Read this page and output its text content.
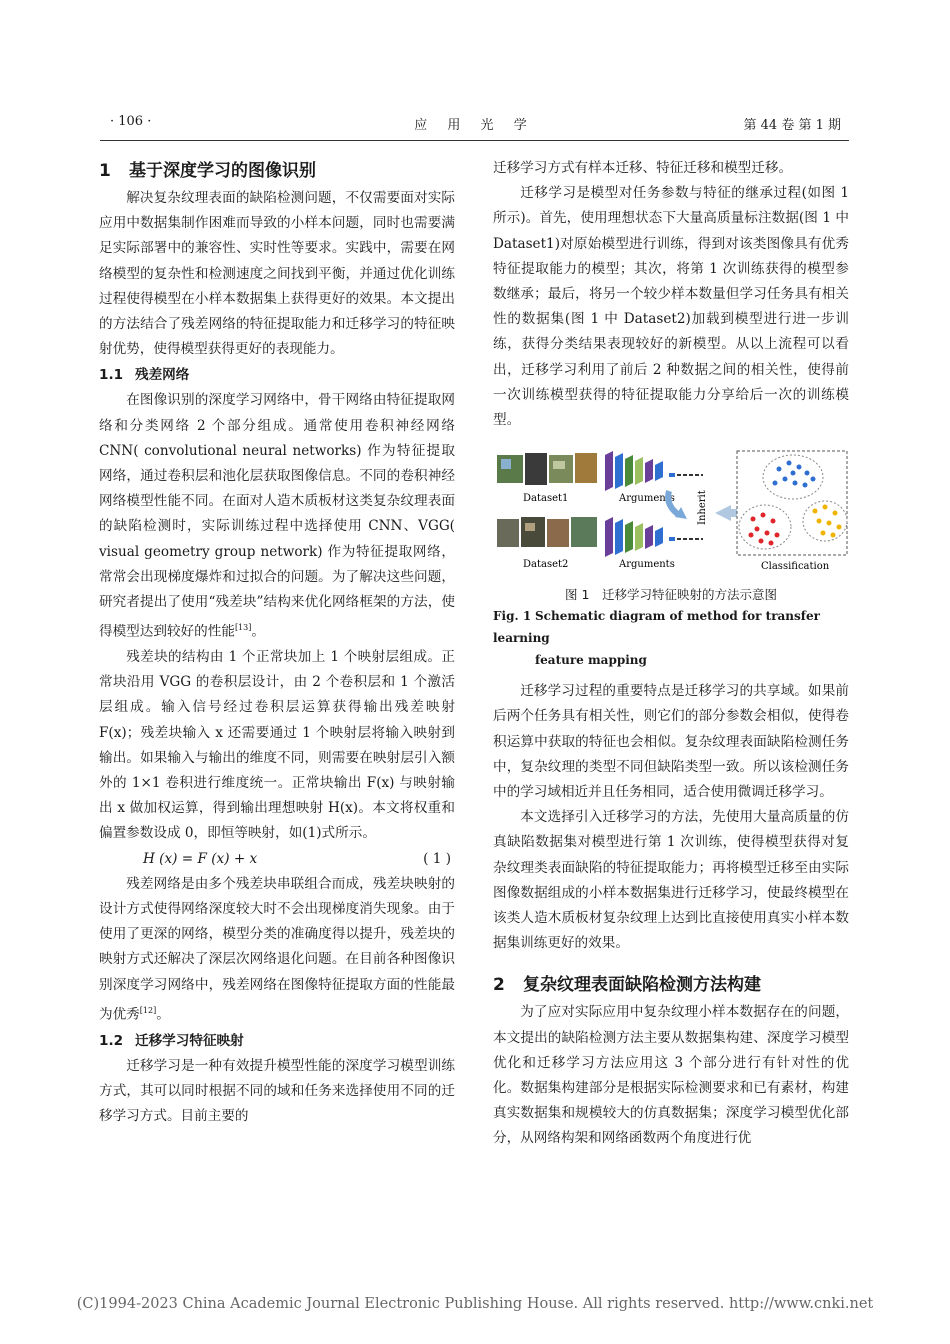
· 106 ·	应 用 光 学	第 44 卷 第 1 期
1 基于深度学习的图像识别

解决复杂纹理表面的缺陷检测问题，不仅需要面对实际应用中数据集制作困难而导致的小样本问题，同时也需要满足实际部署中的兼容性、实时性等要求。实践中，需要在网络模型的复杂性和检测速度之间找到平衡，并通过优化训练过程使得模型在小样本数据集上获得更好的效果。本文提出的方法结合了残差网络的特征提取能力和迁移学习的特征映射优势，使得模型获得更好的表现能力。

1.1 残差网络

在图像识别的深度学习网络中，骨干网络由特征提取网络和分类网络 2 个部分组成。通常使用卷积神经网络 CNN( convolutional neural networks) 作为特征提取网络，通过卷积层和池化层获取图像信息。不同的卷积神经网络模型性能不同。在面对人造木质板材这类复杂纹理表面的缺陷检测时，实际训练过程中选择使用 CNN、VGG( visual geometry group network) 作为特征提取网络，常常会出现梯度爆炸和过拟合的问题。为了解决这些问题，研究者提出了使用“残差块”结构来优化网络框架的方法，使得模型达到较好的性能[13]。

残差块的结构由 1 个正常块加上 1 个映射层组成。正常块沿用 VGG 的卷积层设计，由 2 个卷积层和 1 个激活层组成。输入信号经过卷积层运算获得输出残差映射 F(x)；残差块输入 x 还需要通过 1 个映射层将输入映射到输出。如果输入与输出的维度不同，则需要在映射层引入额外的 1×1 卷积进行维度统一。正常块输出 F(x) 与映射输出 x 做加权运算，得到输出理想映射 H(x)。本文将权重和偏置参数设成 0，即恒等映射，如(1)式所示。

H (x) = F (x) + x	( 1 )

残差网络是由多个残差块串联组合而成，残差块映射的设计方式使得网络深度较大时不会出现梯度消失现象。由于使用了更深的网络，模型分类的准确度得以提升，残差块的映射方式还解决了深层次网络退化问题。在目前各种图像识别深度学习网络中，残差网络在图像特征提取方面的性能最为优秀[12]。

1.2 迁移学习特征映射

迁移学习是一种有效提升模型性能的深度学习模型训练方式，其可以同时根据不同的域和任务来选择使用不同的迁移学习方式。目前主要的

迁移学习方式有样本迁移、特征迁移和模型迁移。

迁移学习是模型对任务参数与特征的继承过程(如图 1 所示)。首先，使用理想状态下大量高质量标注数据(图 1 中 Dataset1)对原始模型进行训练，得到对该类图像具有优秀特征提取能力的模型；其次，将第 1 次训练获得的模型参数继承；最后，将另一个较少样本数量但学习任务具有相关性的数据集(图 1 中 Dataset2)加载到模型进行进一步训练，获得分类结果表现较好的新模型。从以上流程可以看出，迁移学习利用了前后 2 种数据之间的相关性，使得前一次训练模型获得的特征提取能力分享给后一次的训练模型。

Dataset1
Dataset2
Arguments
Arguments
Inherit
Classification
图 1　迁移学习特征映射的方法示意图
Fig. 1 Schematic diagram of method for transfer learning
feature mapping

迁移学习过程的重要特点是迁移学习的共享域。如果前后两个任务具有相关性，则它们的部分参数会相似，使得卷积运算中获取的特征也会相似。复杂纹理表面缺陷检测任务中，复杂纹理的类型不同但缺陷类型一致。所以该检测任务中的学习域相近并且任务相同，适合使用微调迁移学习。

本文选择引入迁移学习的方法，先使用大量高质量的仿真缺陷数据集对模型进行第 1 次训练，使得模型获得对复杂纹理类表面缺陷的特征提取能力；再将模型迁移至由实际图像数据组成的小样本数据集进行迁移学习，使最终模型在该类人造木质板材复杂纹理上达到比直接使用真实小样本数据集训练更好的效果。

2 复杂纹理表面缺陷检测方法构建

为了应对实际应用中复杂纹理小样本数据存在的问题，本文提出的缺陷检测方法主要从数据集构建、深度学习模型优化和迁移学习方法应用这 3 个部分进行有针对性的优化。数据集构建部分是根据实际检测要求和已有素材，构建真实数据集和规模较大的仿真数据集；深度学习模型优化部分，从网络构架和网络函数两个角度进行优

(C)1994-2023 China Academic Journal Electronic Publishing House. All rights reserved. http://www.cnki.net
